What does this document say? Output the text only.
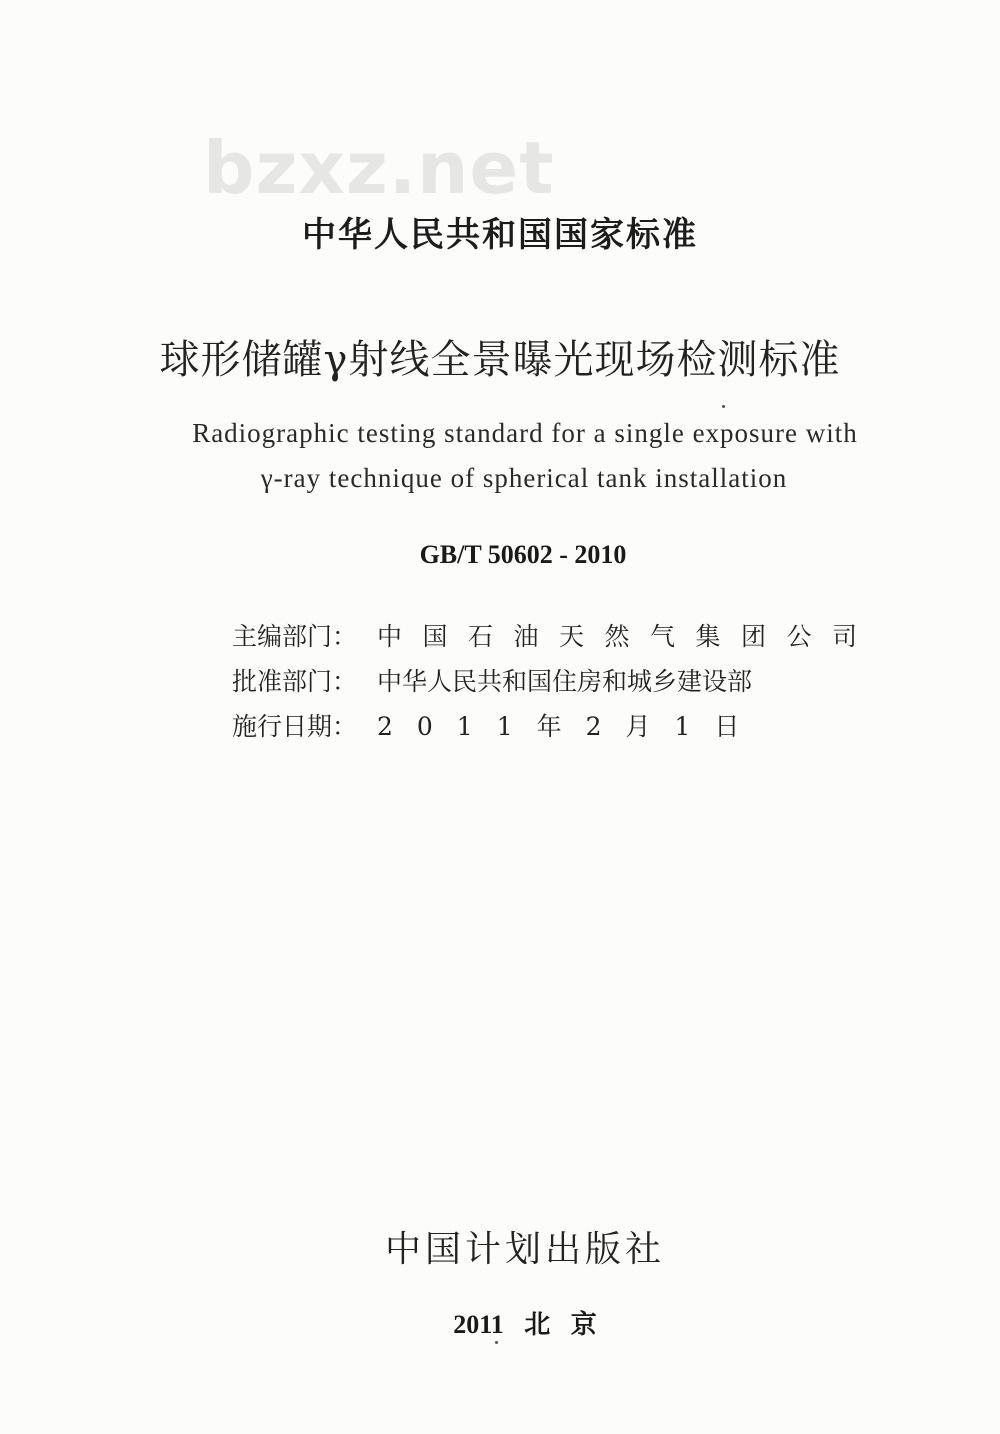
bzxz.net
中华人民共和国国家标准
球形储罐γ射线全景曝光现场检测标准
Radiographic testing standard for a single exposure with
γ-ray technique of spherical tank installation
GB/T 50602 - 2010
主编部门： 中国石油天然气集团公司
批准部门： 中华人民共和国住房和城乡建设部
施行日期： 2011年2月1日
中国计划出版社
2011 北 京
